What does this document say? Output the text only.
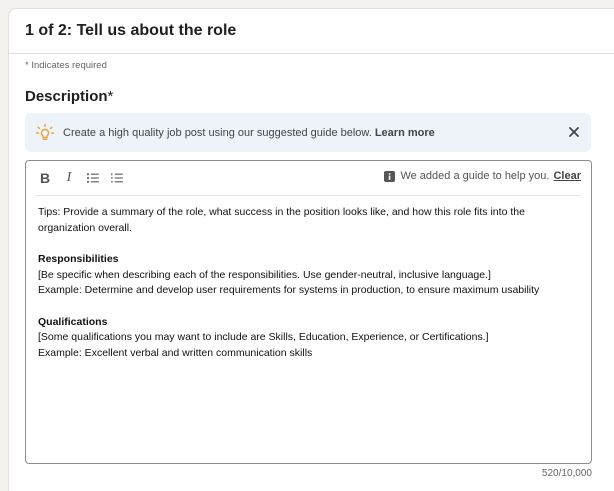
1 of 2: Tell us about the role
* Indicates required
Description*
Create a high quality job post using our suggested guide below. Learn more
B	I	We added a guide to help you. Clear

Tips: Provide a summary of the role, what success in the position looks like, and how this role fits into the organization overall.

Responsibilities

[Be specific when describing each of the responsibilities. Use gender-neutral, inclusive language.]

Example: Determine and develop user requirements for systems in production, to ensure maximum usability

Qualifications

[Some qualifications you may want to include are Skills, Education, Experience, or Certifications.]

Example: Excellent verbal and written communication skills

520/10,000
